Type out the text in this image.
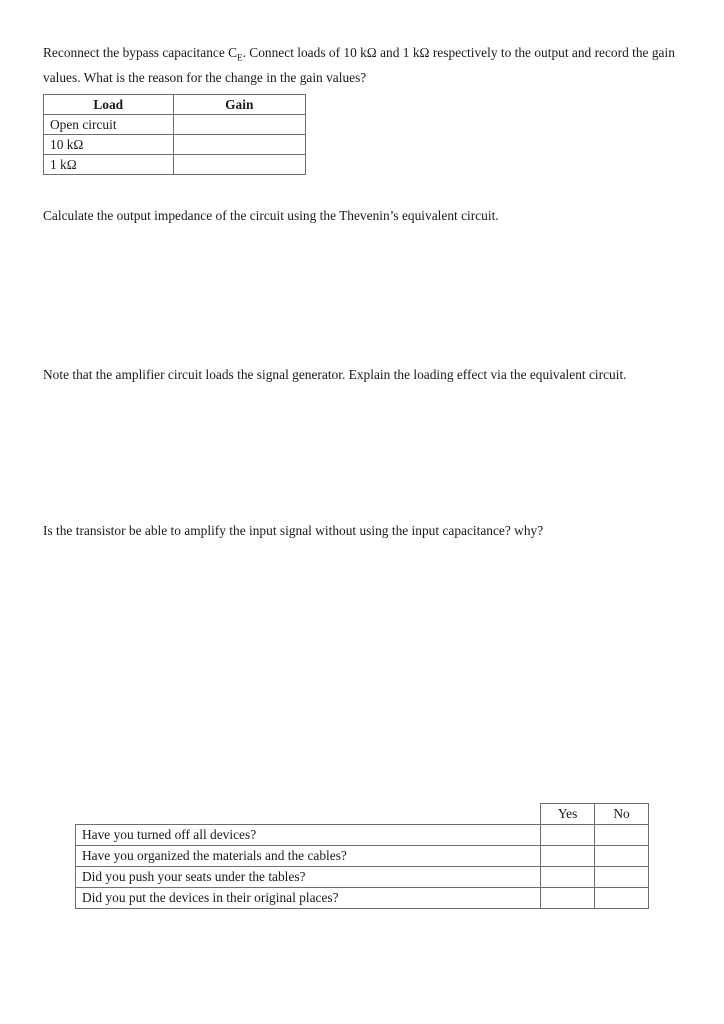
Reconnect the bypass capacitance $C_E$. Connect loads of 10 kΩ and 1 kΩ respectively to the output and record the gain values. What is the reason for the change in the gain values?

Load	Gain
Open circuit	
10 kΩ	
1 kΩ	

Calculate the output impedance of the circuit using the Thevenin’s equivalent circuit.

Note that the amplifier circuit loads the signal generator. Explain the loading effect via the equivalent circuit.

Is the transistor be able to amplify the input signal without using the input capacitance? why?

	Yes	No
Have you turned off all devices?		
Have you organized the materials and the cables?		
Did you push your seats under the tables?		
Did you put the devices in their original places?		
